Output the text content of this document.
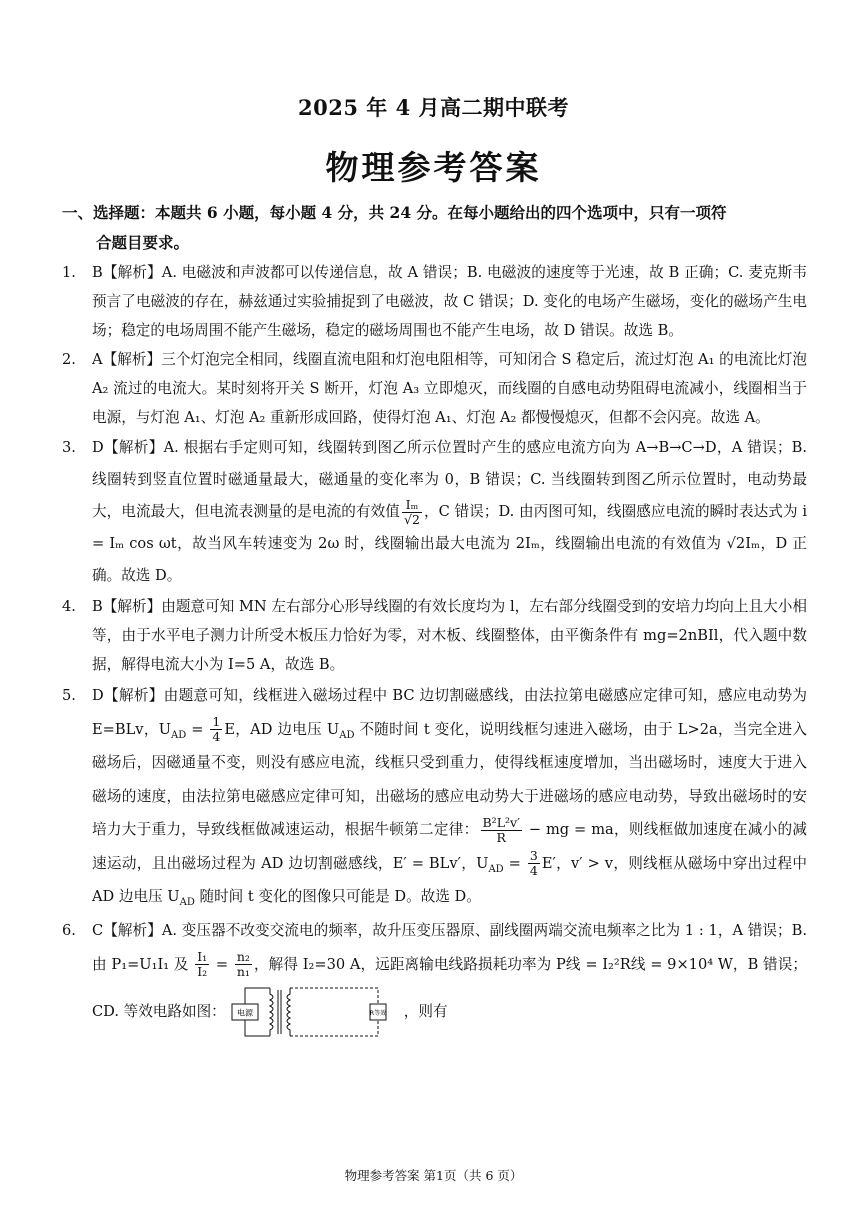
2025 年 4 月高二期中联考
物理参考答案
一、选择题：本题共 6 小题，每小题 4 分，共 24 分。在每小题给出的四个选项中，只有一项符
合题目要求。
1. B【解析】A. 电磁波和声波都可以传递信息，故 A 错误；B. 电磁波的速度等于光速，故 B 正确；C. 麦克斯韦预言了电磁波的存在，赫兹通过实验捕捉到了电磁波，故 C 错误；D. 变化的电场产生磁场，变化的磁场产生电场；稳定的电场周围不能产生磁场，稳定的磁场周围也不能产生电场，故 D 错误。故选 B。

2. A【解析】三个灯泡完全相同，线圈直流电阻和灯泡电阻相等，可知闭合 S 稳定后，流过灯泡 A₁ 的电流比灯泡 A₂ 流过的电流大。某时刻将开关 S 断开，灯泡 A₃ 立即熄灭，而线圈的自感电动势阻碍电流减小，线圈相当于电源，与灯泡 A₁、灯泡 A₂ 重新形成回路，使得灯泡 A₁、灯泡 A₂ 都慢慢熄灭，但都不会闪亮。故选 A。

3. D【解析】A. 根据右手定则可知，线圈转到图乙所示位置时产生的感应电流方向为 A→B→C→D，A 错误；B. 线圈转到竖直位置时磁通量最大，磁通量的变化率为 0，B 错误；C. 当线圈转到图乙所示位置时，电动势最大，电流最大，但电流表测量的是电流的有效值 $\frac{\text{Iₘ}}{√2}$ ，C 错误；D. 由丙图可知，线圈感应电流的瞬时表达式为 i = Iₘ cos ωt，故当风车转速变为 2ω 时，线圈输出最大电流为 2Iₘ，线圈输出电流的有效值为 √2Iₘ，D 正确。故选 D。

4. B【解析】由题意可知 MN 左右部分心形导线圈的有效长度均为 l，左右部分线圈受到的安培力均向上且大小相等，由于水平电子测力计所受木板压力恰好为零，对木板、线圈整体，由平衡条件有 mg=2nBIl，代入题中数据，解得电流大小为 I=5 A，故选 B。

5. D【解析】由题意可知，线框进入磁场过程中 BC 边切割磁感线，由法拉第电磁感应定律可知，感应电动势为 E=BLv，$U_{AD} = \frac{1}{4}$ E，AD 边电压 $U_{AD}$ 不随时间 t 变化，说明线框匀速进入磁场，由于 L>2a，当完全进入磁场后，因磁通量不变，则没有感应电流，线框只受到重力，使得线框速度增加，当出磁场时，速度大于进入磁场的速度，由法拉第电磁感应定律可知，出磁场的感应电动势大于进磁场的感应电动势，导致出磁场时的安培力大于重力，导致线框做减速运动，根据牛顿第二定律： $\frac{\text{B²L²v′}}{R}$ − mg = ma，则线框做加速度在减小的减速运动，且出磁场过程为 AD 边切割磁感线，E′ = BLv′，$U_{AD} = \frac{3}{4} E'$，v′ > v，则线框从磁场中穿出过程中 AD 边电压 $U_{AD}$ 随时间 t 变化的图像只可能是 D。故选 D。

6. C【解析】A. 变压器不改变交流电的频率，故升压变压器原、副线圈两端交流电频率之比为 1 : 1，A 错误；B. 由 P₁=U₁I₁ 及 $\frac{\text{I₁}}{\text{I₂}} = \frac{\text{n₂}}{\text{n₁}}$ ，解得 I₂=30 A，远距离输电线路损耗功率为 P线 = I₂²R线 = 9×10⁴ W，B 错误；CD. 等效电路如图： 电源	R等效 ，则有

物理参考答案 第1页（共 6 页）
